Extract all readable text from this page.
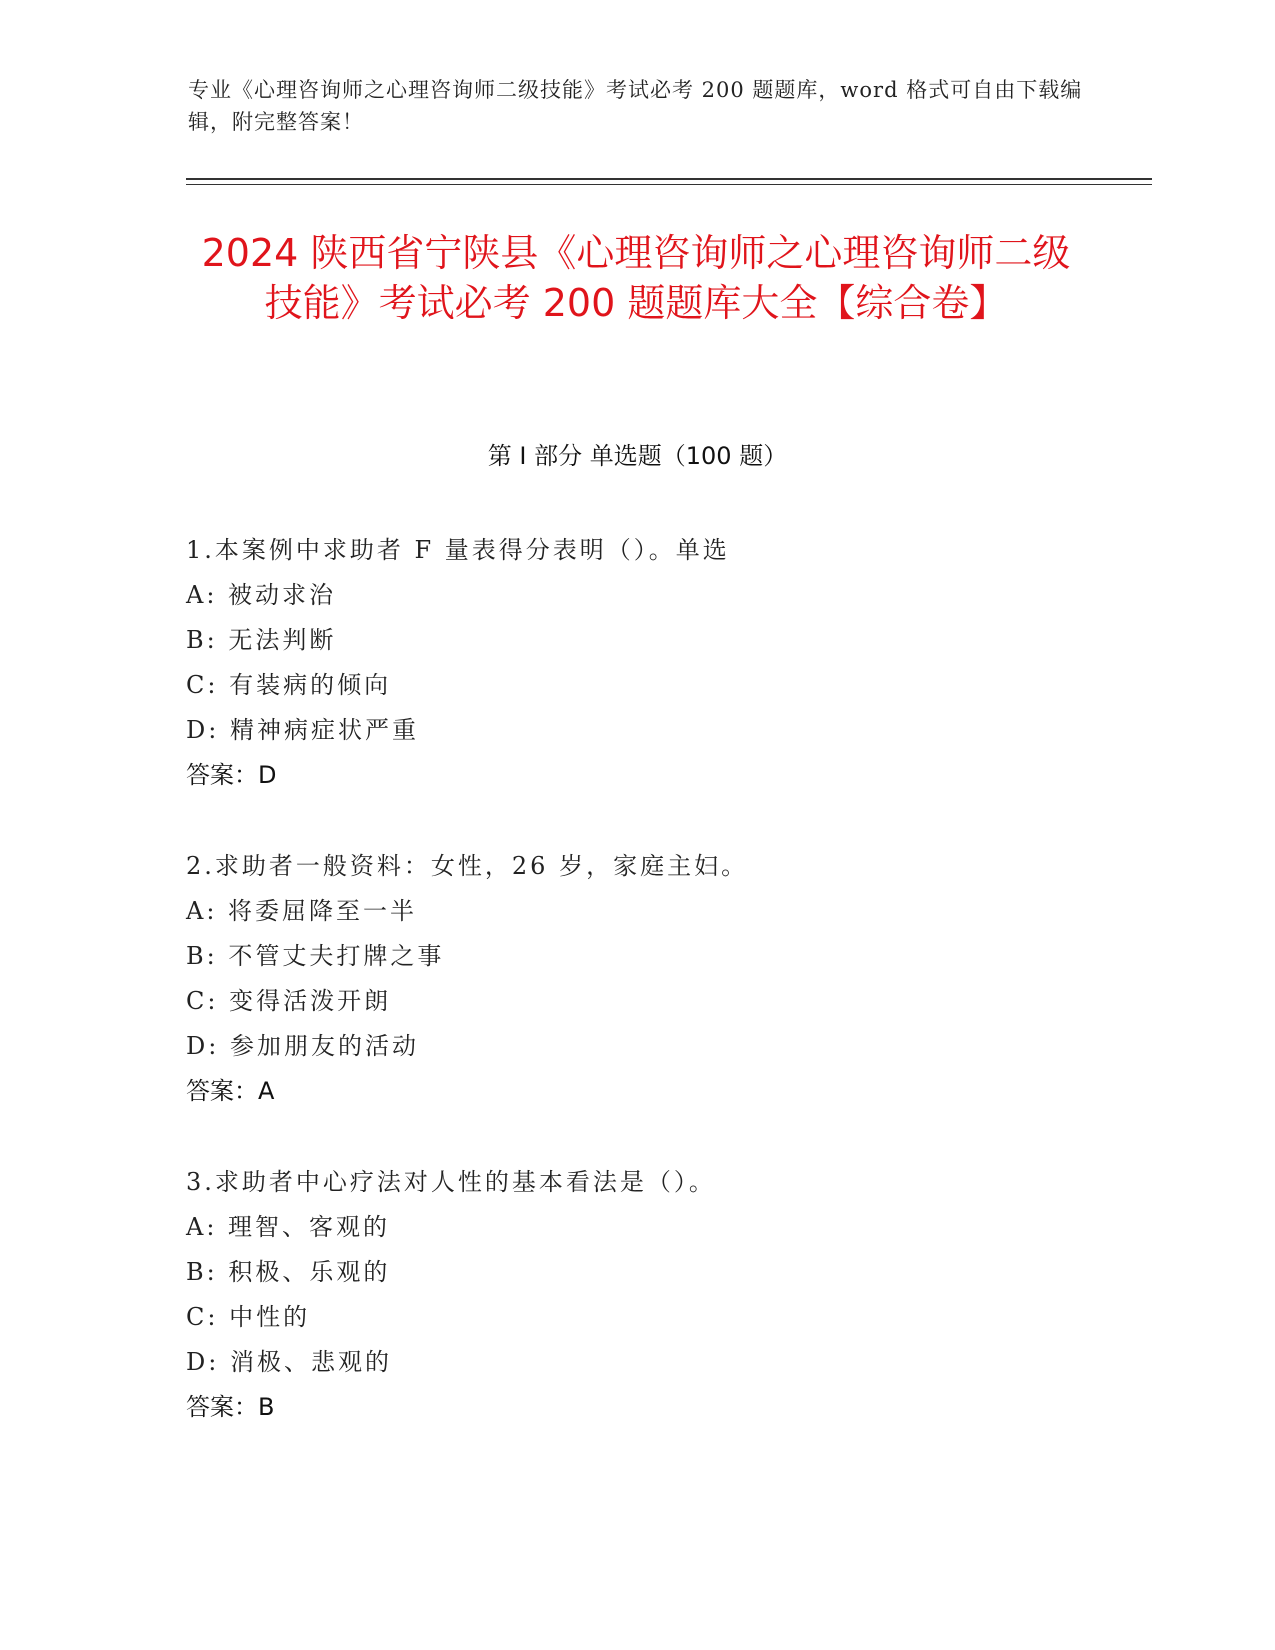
专业《心理咨询师之心理咨询师二级技能》考试必考 200 题题库，word 格式可自由下载编辑，附完整答案！
2024 陕西省宁陕县《心理咨询师之心理咨询师二级技能》考试必考 200 题题库大全【综合卷】
第 I 部分 单选题（100 题）
1.本案例中求助者 F 量表得分表明（）。单选
A: 被动求治
B: 无法判断
C: 有装病的倾向
D: 精神病症状严重
答案：D
2.求助者一般资料：女性，26 岁，家庭主妇。
A: 将委屈降至一半
B: 不管丈夫打牌之事
C: 变得活泼开朗
D: 参加朋友的活动
答案：A
3.求助者中心疗法对人性的基本看法是（）。
A: 理智、客观的
B: 积极、乐观的
C: 中性的
D: 消极、悲观的
答案：B
